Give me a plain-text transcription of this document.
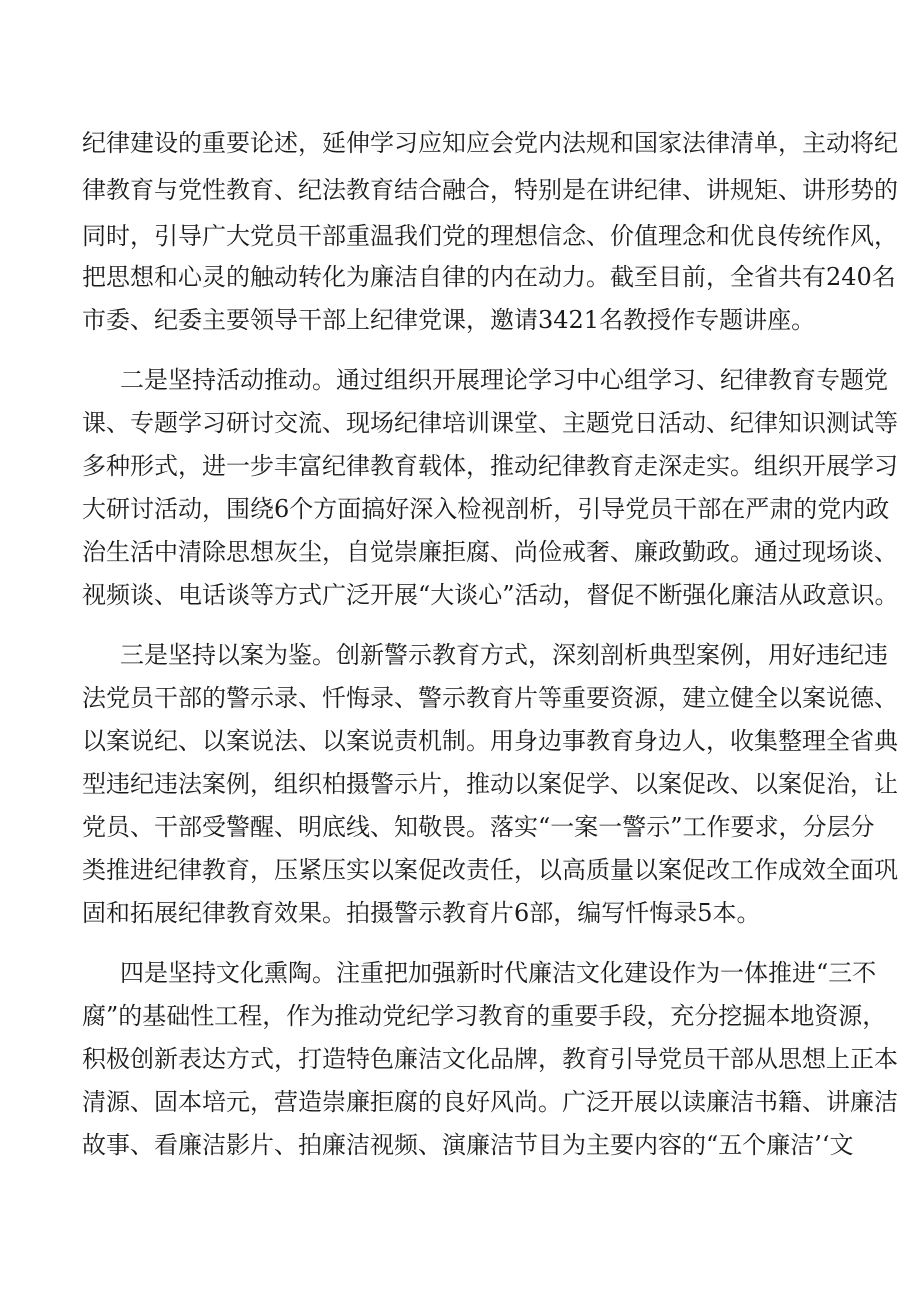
纪律建设的重要论述，延伸学习应知应会党内法规和国家法律清单，主动将纪
律教育与党性教育、纪法教育结合融合，特别是在讲纪律、讲规矩、讲形势的
同时，引导广大党员干部重温我们党的理想信念、价值理念和优良传统作风，
把思想和心灵的触动转化为廉洁自律的内在动力。截至目前，全省共有240名
市委、纪委主要领导干部上纪律党课，邀请3421名教授作专题讲座。
二是坚持活动推动。通过组织开展理论学习中心组学习、纪律教育专题党
课、专题学习研讨交流、现场纪律培训课堂、主题党日活动、纪律知识测试等
多种形式，进一步丰富纪律教育载体，推动纪律教育走深走实。组织开展学习
大研讨活动，围绕6个方面搞好深入检视剖析，引导党员干部在严肃的党内政
治生活中清除思想灰尘，自觉崇廉拒腐、尚俭戒奢、廉政勤政。通过现场谈、
视频谈、电话谈等方式广泛开展“大谈心”活动，督促不断强化廉洁从政意识。
三是坚持以案为鉴。创新警示教育方式，深刻剖析典型案例，用好违纪违
法党员干部的警示录、忏悔录、警示教育片等重要资源，建立健全以案说德、
以案说纪、以案说法、以案说责机制。用身边事教育身边人，收集整理全省典
型违纪违法案例，组织柏摄警示片，推动以案促学、以案促改、以案促治，让
党员、干部受警醒、明底线、知敬畏。落实“一案一警示”工作要求，分层分
类推进纪律教育，压紧压实以案促改责任，以高质量以案促改工作成效全面巩
固和拓展纪律教育效果。拍摄警示教育片6部，编写忏悔录5本。
四是坚持文化熏陶。注重把加强新时代廉洁文化建设作为一体推进“三不
腐”的基础性工程，作为推动党纪学习教育的重要手段，充分挖掘本地资源，
积极创新表达方式，打造特色廉洁文化品牌，教育引导党员干部从思想上正本
清源、固本培元，营造崇廉拒腐的良好风尚。广泛开展以读廉洁书籍、讲廉洁
故事、看廉洁影片、拍廉洁视频、演廉洁节目为主要内容的“五个廉洁’‘文
